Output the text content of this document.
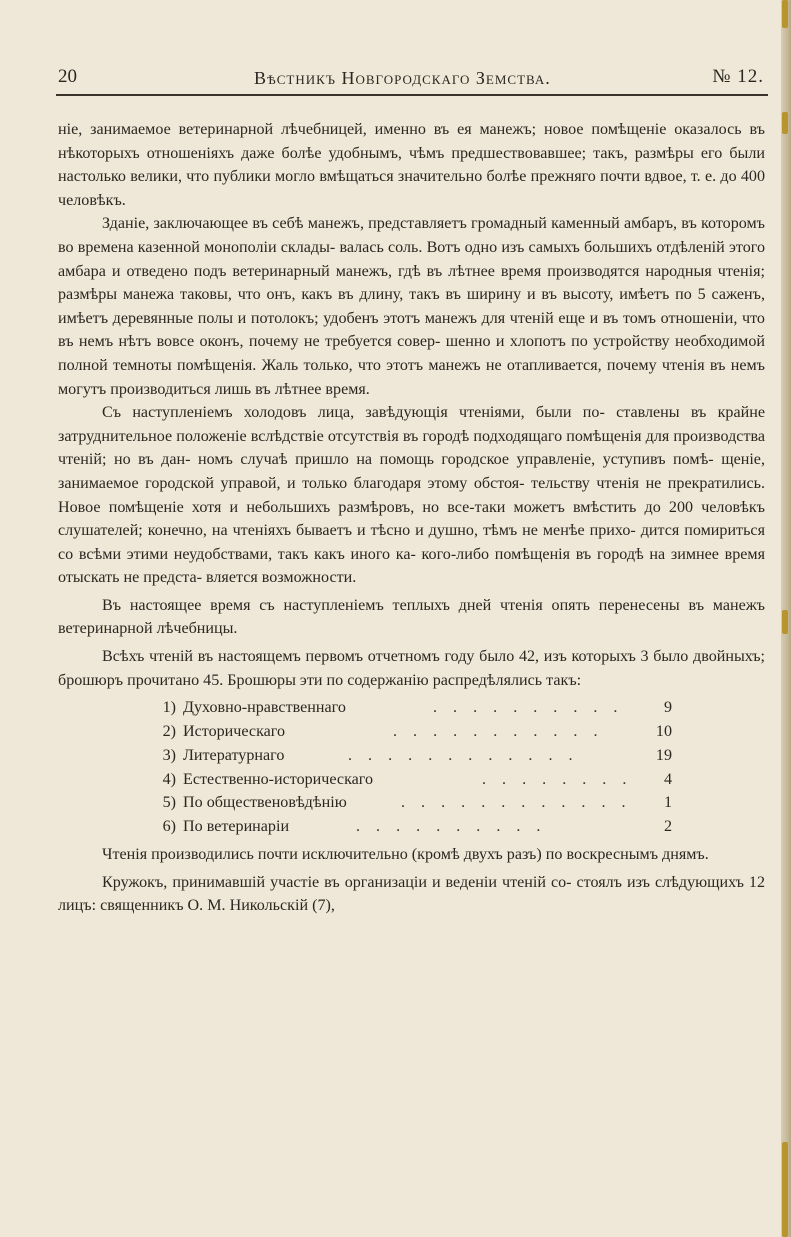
20	Вѣстникъ Новгородскаго Земства.	№ 12.

ніе, занимаемое ветеринарной лѣчебницей, именно въ ея манежъ; новое помѣщеніе оказалось въ нѣкоторыхъ отношеніяхъ даже болѣе удобнымъ, чѣмъ предшествовавшее; такъ, размѣры его были настолько велики, что публики могло вмѣщаться значительно болѣе прежняго почти вдвое, т. е. до 400 человѣкъ.

Зданіе, заключающее въ себѣ манежъ, представляетъ громадный каменный амбаръ, въ которомъ во времена казенной монополіи склады- валась соль. Вотъ одно изъ самыхъ большихъ отдѣленій этого амбара и отведено подъ ветеринарный манежъ, гдѣ въ лѣтнее время производятся народныя чтенія; размѣры манежа таковы, что онъ, какъ въ длину, такъ въ ширину и въ высоту, имѣетъ по 5 саженъ, имѣетъ деревянные полы и потолокъ; удобенъ этотъ манежъ для чтеній еще и въ томъ отношеніи, что въ немъ нѣтъ вовсе оконъ, почему не требуется совер- шенно и хлопотъ по устройству необходимой полной темноты помѣщенія. Жаль только, что этотъ манежъ не отапливается, почему чтенія въ немъ могутъ производиться лишь въ лѣтнее время.

Съ наступленіемъ холодовъ лица, завѣдующія чтеніями, были по- ставлены въ крайне затруднительное положеніе вслѣдствіе отсутствія въ городѣ подходящаго помѣщенія для производства чтеній; но въ дан- номъ случаѣ пришло на помощь городское управленіе, уступивъ помѣ- щеніе, занимаемое городской управой, и только благодаря этому обстоя- тельству чтенія не прекратились. Новое помѣщеніе хотя и небольшихъ размѣровъ, но все-таки можетъ вмѣстить до 200 человѣкъ слушателей; конечно, на чтеніяхъ бываетъ и тѣсно и душно, тѣмъ не менѣе прихо- дится помириться со всѣми этими неудобствами, такъ какъ иного ка- кого-либо помѣщенія въ городѣ на зимнее время отыскать не предста- вляется возможности.

Въ настоящее время съ наступленіемъ теплыхъ дней чтенія опять перенесены въ манежъ ветеринарной лѣчебницы.

Всѣхъ чтеній въ настоящемъ первомъ отчетномъ году было 42, изъ которыхъ 3 было двойныхъ; брошюръ прочитано 45. Брошюры эти по содержанію распредѣлялись такъ:

1) Духовно-нравственнаго	. . . . . . . . . .	9
2) Историческаго	. . . . . . . . . . .	10
3) Литературнаго	. . . . . . . . . . . .	19
4) Естественно-историческаго	. . . . . . . .	4
5) По общественовѣдѣнію	. . . . . . . . . . . .	1
6) По ветеринаріи	. . . . . . . . . .	2

Чтенія производились почти исключительно (кромѣ двухъ разъ) по воскреснымъ днямъ.

Кружокъ, принимавшій участіе въ организаціи и веденіи чтеній со- стоялъ изъ слѣдующихъ 12 лицъ: священникъ О. М. Никольскій (7),
